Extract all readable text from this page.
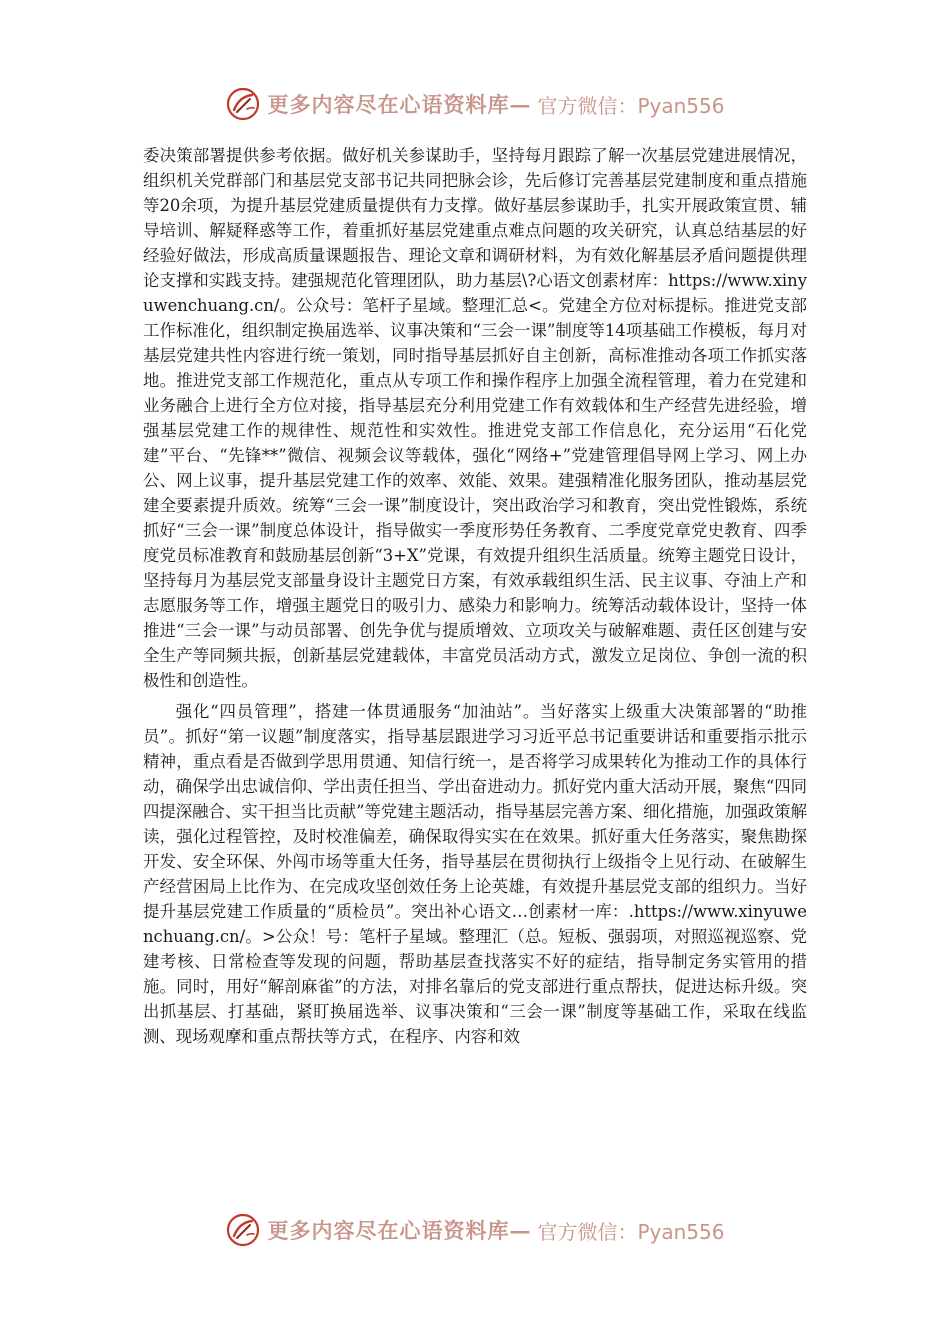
更多内容尽在心语资料库— 官方微信：Pyan556

委决策部署提供参考依据。做好机关参谋助手，坚持每月跟踪了解一次基层党建进展情况，组织机关党群部门和基层党支部书记共同把脉会诊，先后修订完善基层党建制度和重点措施等20余项，为提升基层党建质量提供有力支撑。做好基层参谋助手，扎实开展政策宣贯、辅导培训、解疑释惑等工作，着重抓好基层党建重点难点问题的攻关研究，认真总结基层的好经验好做法，形成高质量课题报告、理论文章和调研材料，为有效化解基层矛盾问题提供理论支撑和实践支持。建强规范化管理团队，助力基层\?心语文创素材库：https://www.xinyuwenchuang.cn/。公众号：笔杆子星域。整理汇总<。党建全方位对标提标。推进党支部工作标准化，组织制定换届选举、议事决策和“三会一课”制度等14项基础工作模板，每月对基层党建共性内容进行统一策划，同时指导基层抓好自主创新，高标准推动各项工作抓实落地。推进党支部工作规范化，重点从专项工作和操作程序上加强全流程管理，着力在党建和业务融合上进行全方位对接，指导基层充分利用党建工作有效载体和生产经营先进经验，增强基层党建工作的规律性、规范性和实效性。推进党支部工作信息化，充分运用“石化党建”平台、“先锋**”微信、视频会议等载体，强化“网络+”党建管理倡导网上学习、网上办公、网上议事，提升基层党建工作的效率、效能、效果。建强精准化服务团队，推动基层党建全要素提升质效。统筹“三会一课”制度设计，突出政治学习和教育，突出党性锻炼，系统抓好“三会一课”制度总体设计，指导做实一季度形势任务教育、二季度党章党史教育、四季度党员标准教育和鼓励基层创新“3+X”党课，有效提升组织生活质量。统筹主题党日设计，坚持每月为基层党支部量身设计主题党日方案，有效承载组织生活、民主议事、夺油上产和志愿服务等工作，增强主题党日的吸引力、感染力和影响力。统筹活动载体设计，坚持一体推进“三会一课”与动员部署、创先争优与提质增效、立项攻关与破解难题、责任区创建与安全生产等同频共振，创新基层党建载体，丰富党员活动方式，激发立足岗位、争创一流的积极性和创造性。

强化“四员管理”，搭建一体贯通服务“加油站”。当好落实上级重大决策部署的“助推员”。抓好“第一议题”制度落实，指导基层跟进学习习近平总书记重要讲话和重要指示批示精神，重点看是否做到学思用贯通、知信行统一，是否将学习成果转化为推动工作的具体行动，确保学出忠诚信仰、学出责任担当、学出奋进动力。抓好党内重大活动开展，聚焦“四同四提深融合、实干担当比贡献”等党建主题活动，指导基层完善方案、细化措施，加强政策解读，强化过程管控，及时校准偏差，确保取得实实在在效果。抓好重大任务落实，聚焦勘探开发、安全环保、外闯市场等重大任务，指导基层在贯彻执行上级指令上见行动、在破解生产经营困局上比作为、在完成攻坚创效任务上论英雄，有效提升基层党支部的组织力。当好提升基层党建工作质量的“质检员”。突出补心语文…创素材一库：.https://www.xinyuwenchuang.cn/。>公众！号：笔杆子星域。整理汇（总。短板、强弱项，对照巡视巡察、党建考核、日常检查等发现的问题，帮助基层查找落实不好的症结，指导制定务实管用的措施。同时，用好“解剖麻雀”的方法，对排名靠后的党支部进行重点帮扶，促进达标升级。突出抓基层、打基础，紧盯换届选举、议事决策和“三会一课”制度等基础工作，采取在线监测、现场观摩和重点帮扶等方式，在程序、内容和效

更多内容尽在心语资料库— 官方微信：Pyan556
